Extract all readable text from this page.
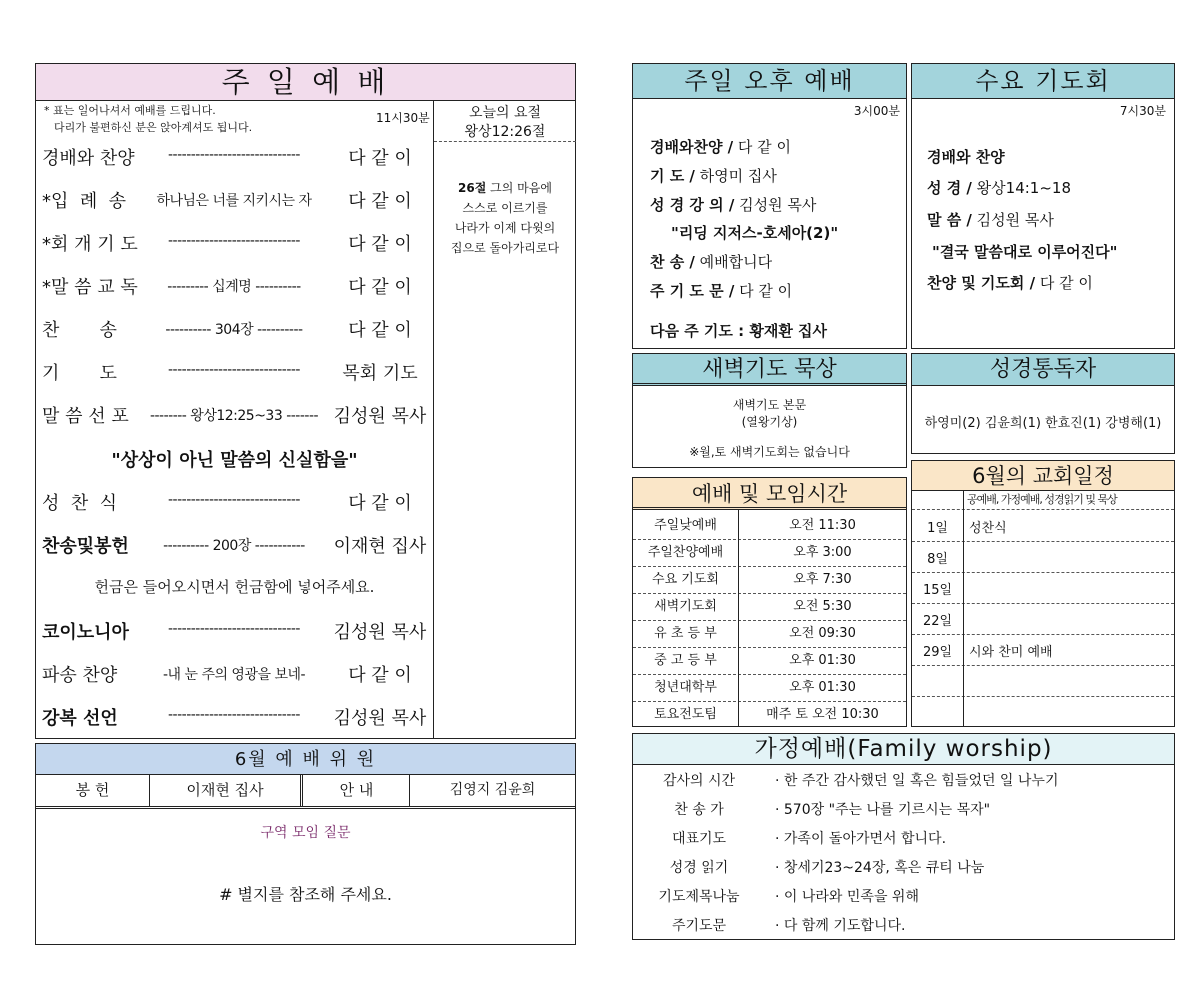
주 일 예 배
* 표는 일어나셔서 예배를 드립니다.
다리가 불편하신 분은 앉아계셔도 됩니다.
11시30분	오늘의 요절
왕상12:26절
26절 그의 마음에
스스로 이르기를
나라가 이제 다윗의
집으로 돌아가리로다
경배와 찬양	-----------------------------	다 같 이
*입  례  송	하나님은 너를 지키시는 자	다 같 이
*회 개 기 도	-----------------------------	다 같 이
*말 씀 교 독	--------- 십계명 ----------	다 같 이
찬       송	---------- 304장 ----------	다 같 이
기       도	-----------------------------	목회 기도
말 씀 선 포	-------- 왕상12:25~33 ------- 김성원 목사
성  찬  식	-----------------------------	다 같 이
찬송및봉헌	---------- 200장 -----------	이재현 집사
코이노니아	-----------------------------	김성원 목사
파송 찬양	-내 눈 주의 영광을 보네-	다 같 이
강복 선언	-----------------------------	김성원 목사
"상상이 아닌 말씀의 신실함을"
헌금은 들어오시면서 헌금함에 넣어주세요.
6월 예 배 위 원
봉 헌	이재현 집사	안 내	김영지 김윤희
구역 모임 질문
# 별지를 참조해 주세요.
주일 오후 예배
3시00분
경배와찬양 / 다 같 이
기 도 / 하영미 집사
성 경 강 의 / 김성원 목사
"리딩 지저스-호세아(2)"
찬 송 / 예배합니다
주 기 도 문 / 다 같 이
다음 주 기도 : 황재환 집사
수요 기도회
7시30분
경배와 찬양
성 경 / 왕상14:1~18
말 씀 / 김성원 목사
"결국 말씀대로 이루어진다"
찬양 및 기도회 / 다 같 이
새벽기도 묵상
새벽기도 본문
(열왕기상)
※월,토 새벽기도회는 없습니다
성경통독자
하영미(2) 김윤희(1) 한효진(1) 강병해(1)
예배 및 모임시간
주일낮예배	오전 11:30
주일찬양예배	오후 3:00
수요 기도회	오후 7:30
새벽기도회	오전 5:30
유 초 등 부	오전 09:30
중 고 등 부	오후 01:30
청년대학부	오후 01:30
토요전도팀	매주 토 오전 10:30
6월의 교회일정
공예배, 가정예배, 성경읽기 및 묵상
1일	성찬식
8일
15일
22일
29일	시와 찬미 예배
가정예배(Family worship)
감사의 시간	· 한 주간 감사했던 일 혹은 힘들었던 일 나누기
찬 송 가	· 570장 "주는 나를 기르시는 목자"
대표기도	· 가족이 돌아가면서 합니다.
성경 읽기	· 창세기23~24장, 혹은 큐티 나눔
기도제목나눔	· 이 나라와 민족을 위해
주기도문	· 다 함께 기도합니다.
